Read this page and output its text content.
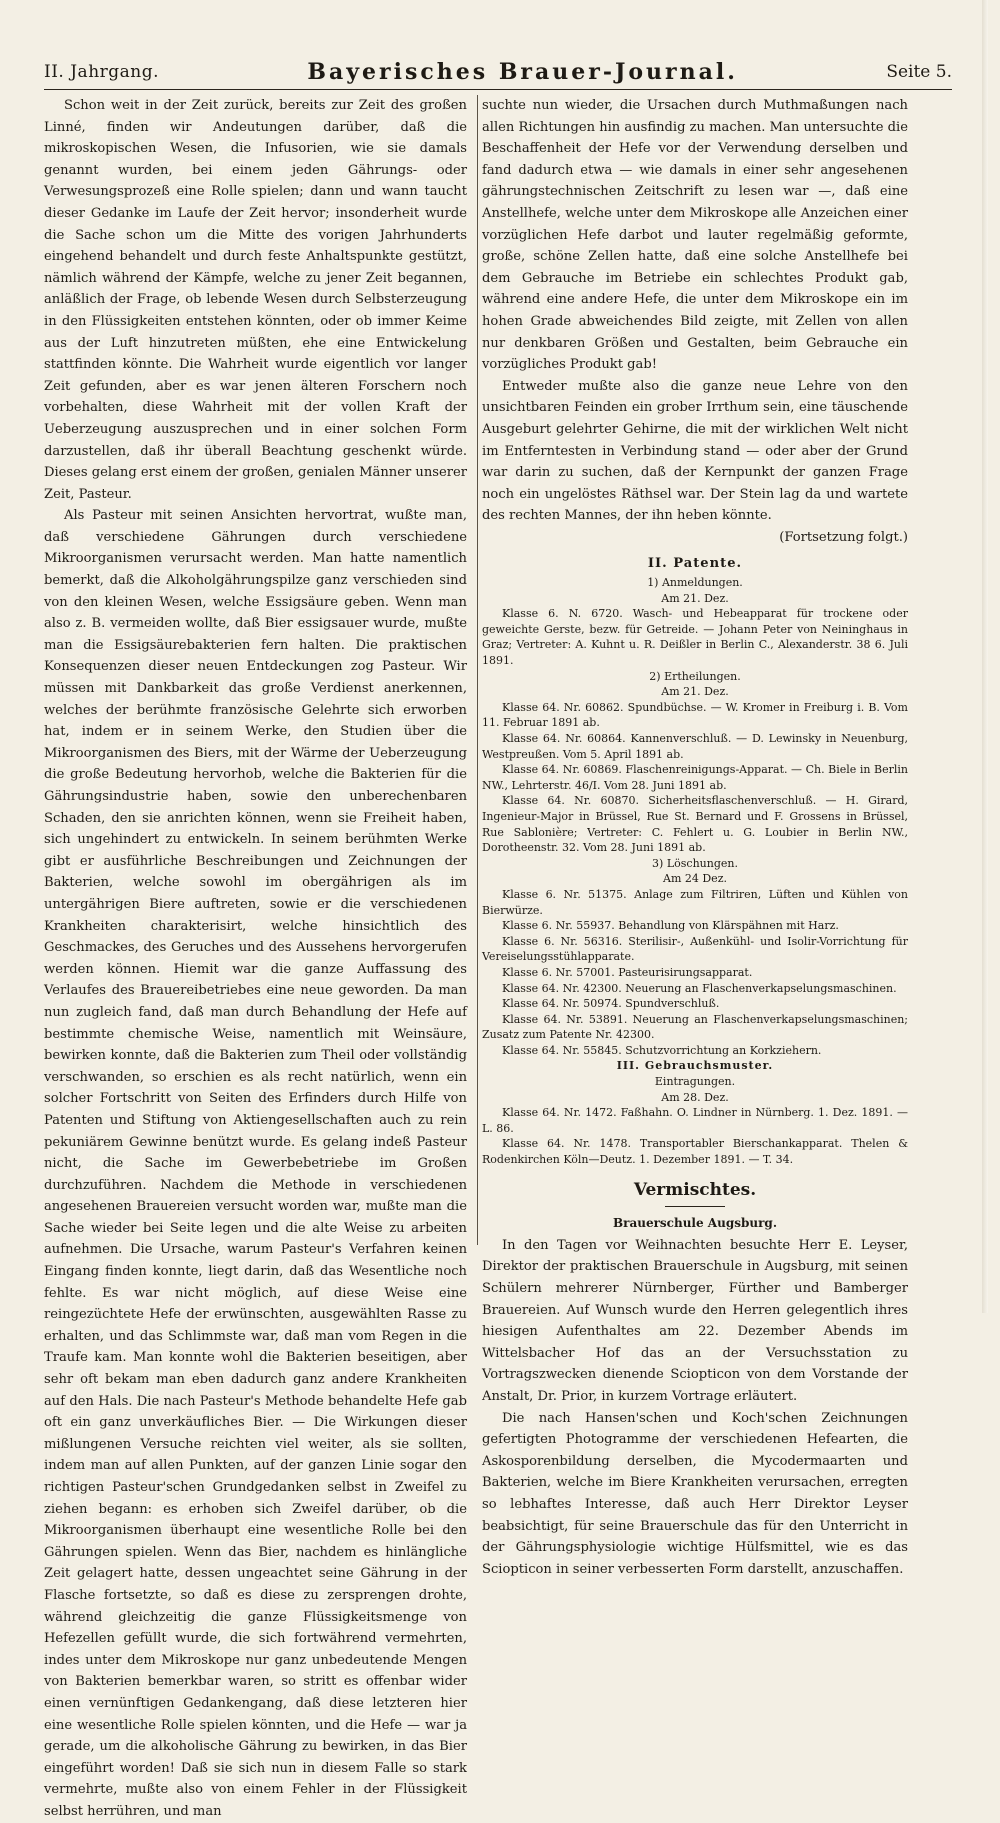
II. Jahrgang.	Bayerisches Brauer-Journal.	Seite 5.

Schon weit in der Zeit zurück, bereits zur Zeit des großen Linné, finden wir Andeutungen darüber, daß die mikroskopischen Wesen, die Infusorien, wie sie damals genannt wurden, bei einem jeden Gährungs- oder Verwesungsprozeß eine Rolle spielen; dann und wann taucht dieser Gedanke im Laufe der Zeit hervor; insonderheit wurde die Sache schon um die Mitte des vorigen Jahrhunderts eingehend behandelt und durch feste Anhaltspunkte gestützt, nämlich während der Kämpfe, welche zu jener Zeit begannen, anläßlich der Frage, ob lebende Wesen durch Selbsterzeugung in den Flüssigkeiten entstehen könnten, oder ob immer Keime aus der Luft hinzutreten müßten, ehe eine Entwickelung stattfinden könnte. Die Wahrheit wurde eigentlich vor langer Zeit gefunden, aber es war jenen älteren Forschern noch vorbehalten, diese Wahrheit mit der vollen Kraft der Ueberzeugung auszusprechen und in einer solchen Form darzustellen, daß ihr überall Beachtung geschenkt würde. Dieses gelang erst einem der großen, genialen Männer unserer Zeit, Pasteur.

Als Pasteur mit seinen Ansichten hervortrat, wußte man, daß verschiedene Gährungen durch verschiedene Mikroorganismen verursacht werden. Man hatte namentlich bemerkt, daß die Alkoholgährungspilze ganz verschieden sind von den kleinen Wesen, welche Essigsäure geben. Wenn man also z. B. vermeiden wollte, daß Bier essigsauer wurde, mußte man die Essigsäurebakterien fern halten. Die praktischen Konsequenzen dieser neuen Entdeckungen zog Pasteur. Wir müssen mit Dankbarkeit das große Verdienst anerkennen, welches der berühmte französische Gelehrte sich erworben hat, indem er in seinem Werke, den Studien über die Mikroorganismen des Biers, mit der Wärme der Ueberzeugung die große Bedeutung hervorhob, welche die Bakterien für die Gährungsindustrie haben, sowie den unberechenbaren Schaden, den sie anrichten können, wenn sie Freiheit haben, sich ungehindert zu entwickeln. In seinem berühmten Werke gibt er ausführliche Beschreibungen und Zeichnungen der Bakterien, welche sowohl im obergährigen als im untergährigen Biere auftreten, sowie er die verschiedenen Krankheiten charakterisirt, welche hinsichtlich des Geschmackes, des Geruches und des Aussehens hervorgerufen werden können. Hiemit war die ganze Auffassung des Verlaufes des Brauereibetriebes eine neue geworden. Da man nun zugleich fand, daß man durch Behandlung der Hefe auf bestimmte chemische Weise, namentlich mit Weinsäure, bewirken konnte, daß die Bakterien zum Theil oder vollständig verschwanden, so erschien es als recht natürlich, wenn ein solcher Fortschritt von Seiten des Erfinders durch Hilfe von Patenten und Stiftung von Aktiengesellschaften auch zu rein pekuniärem Gewinne benützt wurde. Es gelang indeß Pasteur nicht, die Sache im Gewerbebetriebe im Großen durchzuführen. Nachdem die Methode in verschiedenen angesehenen Brauereien versucht worden war, mußte man die Sache wieder bei Seite legen und die alte Weise zu arbeiten aufnehmen. Die Ursache, warum Pasteur's Verfahren keinen Eingang finden konnte, liegt darin, daß das Wesentliche noch fehlte. Es war nicht möglich, auf diese Weise eine reingezüchtete Hefe der erwünschten, ausgewählten Rasse zu erhalten, und das Schlimmste war, daß man vom Regen in die Traufe kam. Man konnte wohl die Bakterien beseitigen, aber sehr oft bekam man eben dadurch ganz andere Krankheiten auf den Hals. Die nach Pasteur's Methode behandelte Hefe gab oft ein ganz unverkäufliches Bier. — Die Wirkungen dieser mißlungenen Versuche reichten viel weiter, als sie sollten, indem man auf allen Punkten, auf der ganzen Linie sogar den richtigen Pasteur'schen Grundgedanken selbst in Zweifel zu ziehen begann: es erhoben sich Zweifel darüber, ob die Mikroorganismen überhaupt eine wesentliche Rolle bei den Gährungen spielen. Wenn das Bier, nachdem es hinlängliche Zeit gelagert hatte, dessen ungeachtet seine Gährung in der Flasche fortsetzte, so daß es diese zu zersprengen drohte, während gleichzeitig die ganze Flüssigkeitsmenge von Hefezellen gefüllt wurde, die sich fortwährend vermehrten, indes unter dem Mikroskope nur ganz unbedeutende Mengen von Bakterien bemerkbar waren, so stritt es offenbar wider einen vernünftigen Gedankengang, daß diese letzteren hier eine wesentliche Rolle spielen könnten, und die Hefe — war ja gerade, um die alkoholische Gährung zu bewirken, in das Bier eingeführt worden! Daß sie sich nun in diesem Falle so stark vermehrte, mußte also von einem Fehler in der Flüssigkeit selbst herrühren, und man

suchte nun wieder, die Ursachen durch Muthmaßungen nach allen Richtungen hin ausfindig zu machen. Man untersuchte die Beschaffenheit der Hefe vor der Verwendung derselben und fand dadurch etwa — wie damals in einer sehr angesehenen gährungstechnischen Zeitschrift zu lesen war —, daß eine Anstellhefe, welche unter dem Mikroskope alle Anzeichen einer vorzüglichen Hefe darbot und lauter regelmäßig geformte, große, schöne Zellen hatte, daß eine solche Anstellhefe bei dem Gebrauche im Betriebe ein schlechtes Produkt gab, während eine andere Hefe, die unter dem Mikroskope ein im hohen Grade abweichendes Bild zeigte, mit Zellen von allen nur denkbaren Größen und Gestalten, beim Gebrauche ein vorzügliches Produkt gab!

Entweder mußte also die ganze neue Lehre von den unsichtbaren Feinden ein grober Irrthum sein, eine täuschende Ausgeburt gelehrter Gehirne, die mit der wirklichen Welt nicht im Entferntesten in Verbindung stand — oder aber der Grund war darin zu suchen, daß der Kernpunkt der ganzen Frage noch ein ungelöstes Räthsel war. Der Stein lag da und wartete des rechten Mannes, der ihn heben könnte.

(Fortsetzung folgt.)

II. Patente.

1) Anmeldungen.

Am 21. Dez.

Klasse 6. N. 6720. Wasch- und Hebeapparat für trockene oder geweichte Gerste, bezw. für Getreide. — Johann Peter von Neininghaus in Graz; Vertreter: A. Kuhnt u. R. Deißler in Berlin C., Alexanderstr. 38 6. Juli 1891.

2) Ertheilungen.

Am 21. Dez.

Klasse 64. Nr. 60862. Spundbüchse. — W. Kromer in Freiburg i. B. Vom 11. Februar 1891 ab.

Klasse 64. Nr. 60864. Kannenverschluß. — D. Lewinsky in Neuenburg, Westpreußen. Vom 5. April 1891 ab.

Klasse 64. Nr. 60869. Flaschenreinigungs-Apparat. — Ch. Biele in Berlin NW., Lehrterstr. 46/I. Vom 28. Juni 1891 ab.

Klasse 64. Nr. 60870. Sicherheitsflaschenverschluß. — H. Girard, Ingenieur-Major in Brüssel, Rue St. Bernard und F. Grossens in Brüssel, Rue Sablonière; Vertreter: C. Fehlert u. G. Loubier in Berlin NW., Dorotheenstr. 32. Vom 28. Juni 1891 ab.

3) Löschungen.

Am 24 Dez.

Klasse 6. Nr. 51375. Anlage zum Filtriren, Lüften und Kühlen von Bierwürze.

Klasse 6. Nr. 55937. Behandlung von Klärspähnen mit Harz.

Klasse 6. Nr. 56316. Sterilisir-, Außenkühl- und Isolir-Vorrichtung für Vereiselungsstühlapparate.

Klasse 6. Nr. 57001. Pasteurisirungsapparat.

Klasse 64. Nr. 42300. Neuerung an Flaschenverkapselungsmaschinen.

Klasse 64. Nr. 50974. Spundverschluß.

Klasse 64. Nr. 53891. Neuerung an Flaschenverkapselungsmaschinen; Zusatz zum Patente Nr. 42300.

Klasse 64. Nr. 55845. Schutzvorrichtung an Korkziehern.

III. Gebrauchsmuster.

Eintragungen.

Am 28. Dez.

Klasse 64. Nr. 1472. Faßhahn. O. Lindner in Nürnberg. 1. Dez. 1891. — L. 86.

Klasse 64. Nr. 1478. Transportabler Bierschankapparat. Thelen & Rodenkirchen Köln—Deutz. 1. Dezember 1891. — T. 34.

Vermischtes.

Brauerschule Augsburg.

In den Tagen vor Weihnachten besuchte Herr E. Leyser, Direktor der praktischen Brauerschule in Augsburg, mit seinen Schülern mehrerer Nürnberger, Fürther und Bamberger Brauereien. Auf Wunsch wurde den Herren gelegentlich ihres hiesigen Aufenthaltes am 22. Dezember Abends im Wittelsbacher Hof das an der Versuchsstation zu Vortragszwecken dienende Sciopticon von dem Vorstande der Anstalt, Dr. Prior, in kurzem Vortrage erläutert.

Die nach Hansen'schen und Koch'schen Zeichnungen gefertigten Photogramme der verschiedenen Hefearten, die Askosporenbildung derselben, die Mycodermaarten und Bakterien, welche im Biere Krankheiten verursachen, erregten so lebhaftes Interesse, daß auch Herr Direktor Leyser beabsichtigt, für seine Brauerschule das für den Unterricht in der Gährungsphysiologie wichtige Hülfsmittel, wie es das Sciopticon in seiner verbesserten Form darstellt, anzuschaffen.
